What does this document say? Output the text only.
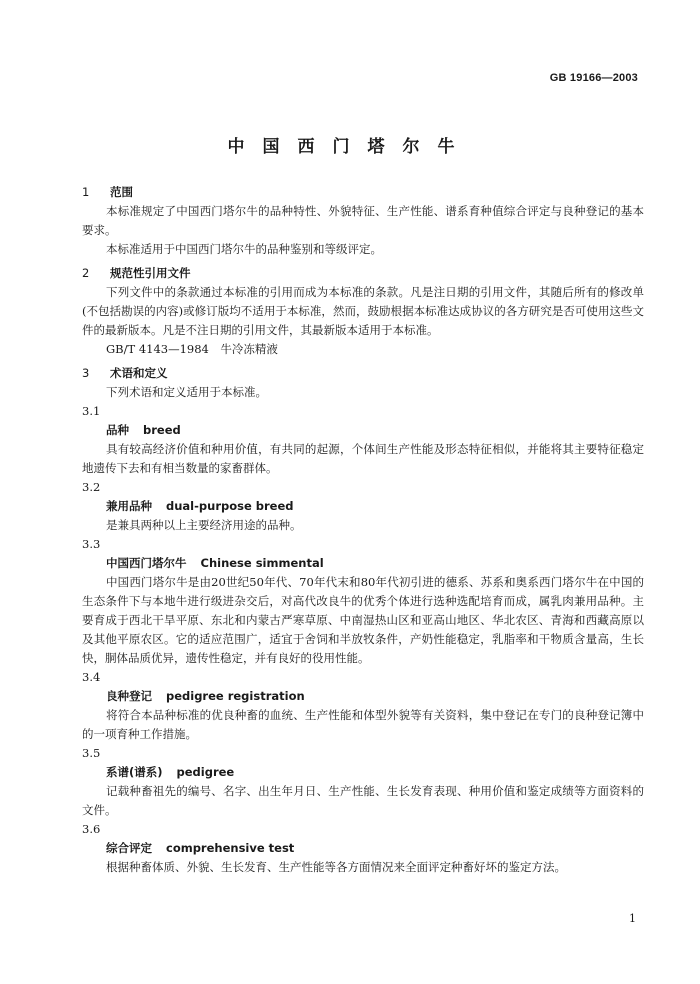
GB 19166—2003
中国西门塔尔牛
1 范围
本标准规定了中国西门塔尔牛的品种特性、外貌特征、生产性能、谱系育种值综合评定与良种登记的基本要求。
本标准适用于中国西门塔尔牛的品种鉴别和等级评定。
2 规范性引用文件
下列文件中的条款通过本标准的引用而成为本标准的条款。凡是注日期的引用文件，其随后所有的修改单(不包括勘误的内容)或修订版均不适用于本标准，然而，鼓励根据本标准达成协议的各方研究是否可使用这些文件的最新版本。凡是不注日期的引用文件，其最新版本适用于本标准。
GB/T 4143—1984　牛冷冻精液
3 术语和定义
下列术语和定义适用于本标准。
3.1
品种 breed
具有较高经济价值和种用价值，有共同的起源，个体间生产性能及形态特征相似，并能将其主要特征稳定地遗传下去和有相当数量的家畜群体。
3.2
兼用品种 dual-purpose breed
是兼具两种以上主要经济用途的品种。
3.3
中国西门塔尔牛 Chinese simmental
中国西门塔尔牛是由20世纪50年代、70年代末和80年代初引进的德系、苏系和奥系西门塔尔牛在中国的生态条件下与本地牛进行级进杂交后，对高代改良牛的优秀个体进行选种选配培育而成，属乳肉兼用品种。主要育成于西北干旱平原、东北和内蒙古严寒草原、中南湿热山区和亚高山地区、华北农区、青海和西藏高原以及其他平原农区。它的适应范围广，适宜于舍饲和半放牧条件，产奶性能稳定，乳脂率和干物质含量高，生长快，胴体品质优异，遗传性稳定，并有良好的役用性能。
3.4
良种登记 pedigree registration
将符合本品种标准的优良种畜的血统、生产性能和体型外貌等有关资料，集中登记在专门的良种登记簿中的一项育种工作措施。
3.5
系谱(谱系) pedigree
记载种畜祖先的编号、名字、出生年月日、生产性能、生长发育表现、种用价值和鉴定成绩等方面资料的文件。
3.6
综合评定 comprehensive test
根据种畜体质、外貌、生长发育、生产性能等各方面情况来全面评定种畜好坏的鉴定方法。
1
